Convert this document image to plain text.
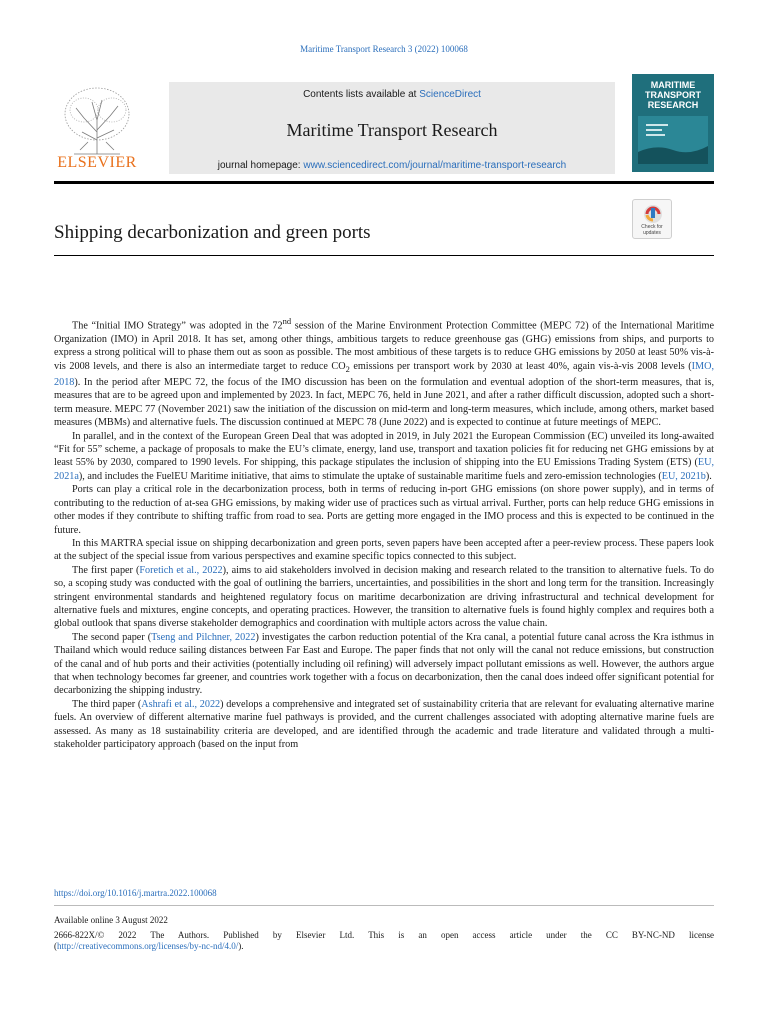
Maritime Transport Research 3 (2022) 100068
ELSEVIER
Contents lists available at ScienceDirect
Maritime Transport Research
journal homepage: www.sciencedirect.com/journal/maritime-transport-research
MARITIME TRANSPORT RESEARCH
Shipping decarbonization and green ports	Check for updates

The “Initial IMO Strategy” was adopted in the 72nd session of the Marine Environment Protection Committee (MEPC 72) of the International Maritime Organization (IMO) in April 2018. It has set, among other things, ambitious targets to reduce greenhouse gas (GHG) emissions from ships, and purports to express a strong political will to phase them out as soon as possible. The most ambitious of these targets is to reduce GHG emissions by 2050 at least 50% vis-à-vis 2008 levels, and there is also an intermediate target to reduce $CO_2$ emissions per transport work by 2030 at least 40%, again vis-à-vis 2008 levels (IMO, 2018). In the period after MEPC 72, the focus of the IMO discussion has been on the formulation and eventual adoption of the short-term measures, that is, measures that are to be agreed upon and implemented by 2023. In fact, MEPC 76, held in June 2021, and after a rather difficult discussion, adopted such a short-term measure. MEPC 77 (November 2021) saw the initiation of the discussion on mid-term and long-term measures, which include, among others, market based measures (MBMs) and alternative fuels. The discussion continued at MEPC 78 (June 2022) and is expected to continue at future meetings of MEPC.

In parallel, and in the context of the European Green Deal that was adopted in 2019, in July 2021 the European Commission (EC) unveiled its long-awaited “Fit for 55” scheme, a package of proposals to make the EU’s climate, energy, land use, transport and taxation policies fit for reducing net GHG emissions by at least 55% by 2030, compared to 1990 levels. For shipping, this package stipulates the inclusion of shipping into the EU Emissions Trading System (ETS) (EU, 2021a), and includes the FuelEU Maritime initiative, that aims to stimulate the uptake of sustainable maritime fuels and zero-emission technologies (EU, 2021b).

Ports can play a critical role in the decarbonization process, both in terms of reducing in-port GHG emissions (on shore power supply), and in terms of contributing to the reduction of at-sea GHG emissions, by making wider use of practices such as virtual arrival. Further, ports can help reduce GHG emissions in other modes if they contribute to shifting traffic from road to sea. Ports are getting more engaged in the IMO process and this is expected to be continued in the future.

In this MARTRA special issue on shipping decarbonization and green ports, seven papers have been accepted after a peer-review process. These papers look at the subject of the special issue from various perspectives and examine specific topics connected to this subject.

The first paper (Foretich et al., 2022), aims to aid stakeholders involved in decision making and research related to the transition to alternative fuels. To do so, a scoping study was conducted with the goal of outlining the barriers, uncertainties, and possibilities in the short and long term for the transition. Increasingly stringent environmental standards and heightened regulatory focus on maritime decarbonization are driving infrastructural and technical development for alternative fuels and mixtures, engine concepts, and operating practices. However, the transition to alternative fuels is found highly complex and requires both a global outlook that spans diverse stakeholder demographics and coordination with multiple actors across the value chain.

The second paper (Tseng and Pilchner, 2022) investigates the carbon reduction potential of the Kra canal, a potential future canal across the Kra isthmus in Thailand which would reduce sailing distances between Far East and Europe. The paper finds that not only will the canal not reduce emissions, but construction of the canal and of hub ports and their activities (potentially including oil refining) will adversely impact pollutant emissions as well. However, the authors argue that when technology becomes far greener, and countries work together with a focus on decarbonization, then the canal does indeed offer significant potential for decarbonizing the shipping industry.

The third paper (Ashrafi et al., 2022) develops a comprehensive and integrated set of sustainability criteria that are relevant for evaluating alternative marine fuels. An overview of different alternative marine fuel pathways is provided, and the current challenges associated with adopting alternative marine fuels are assessed. As many as 18 sustainability criteria are developed, and are identified through the academic and trade literature and validated through a multi-stakeholder participatory approach (based on the input from

https://doi.org/10.1016/j.martra.2022.100068
Available online 3 August 2022
2666-822X/© 2022 The Authors. Published by Elsevier Ltd. This is an open access article under the CC BY-NC-ND license
(http://creativecommons.org/licenses/by-nc-nd/4.0/).
